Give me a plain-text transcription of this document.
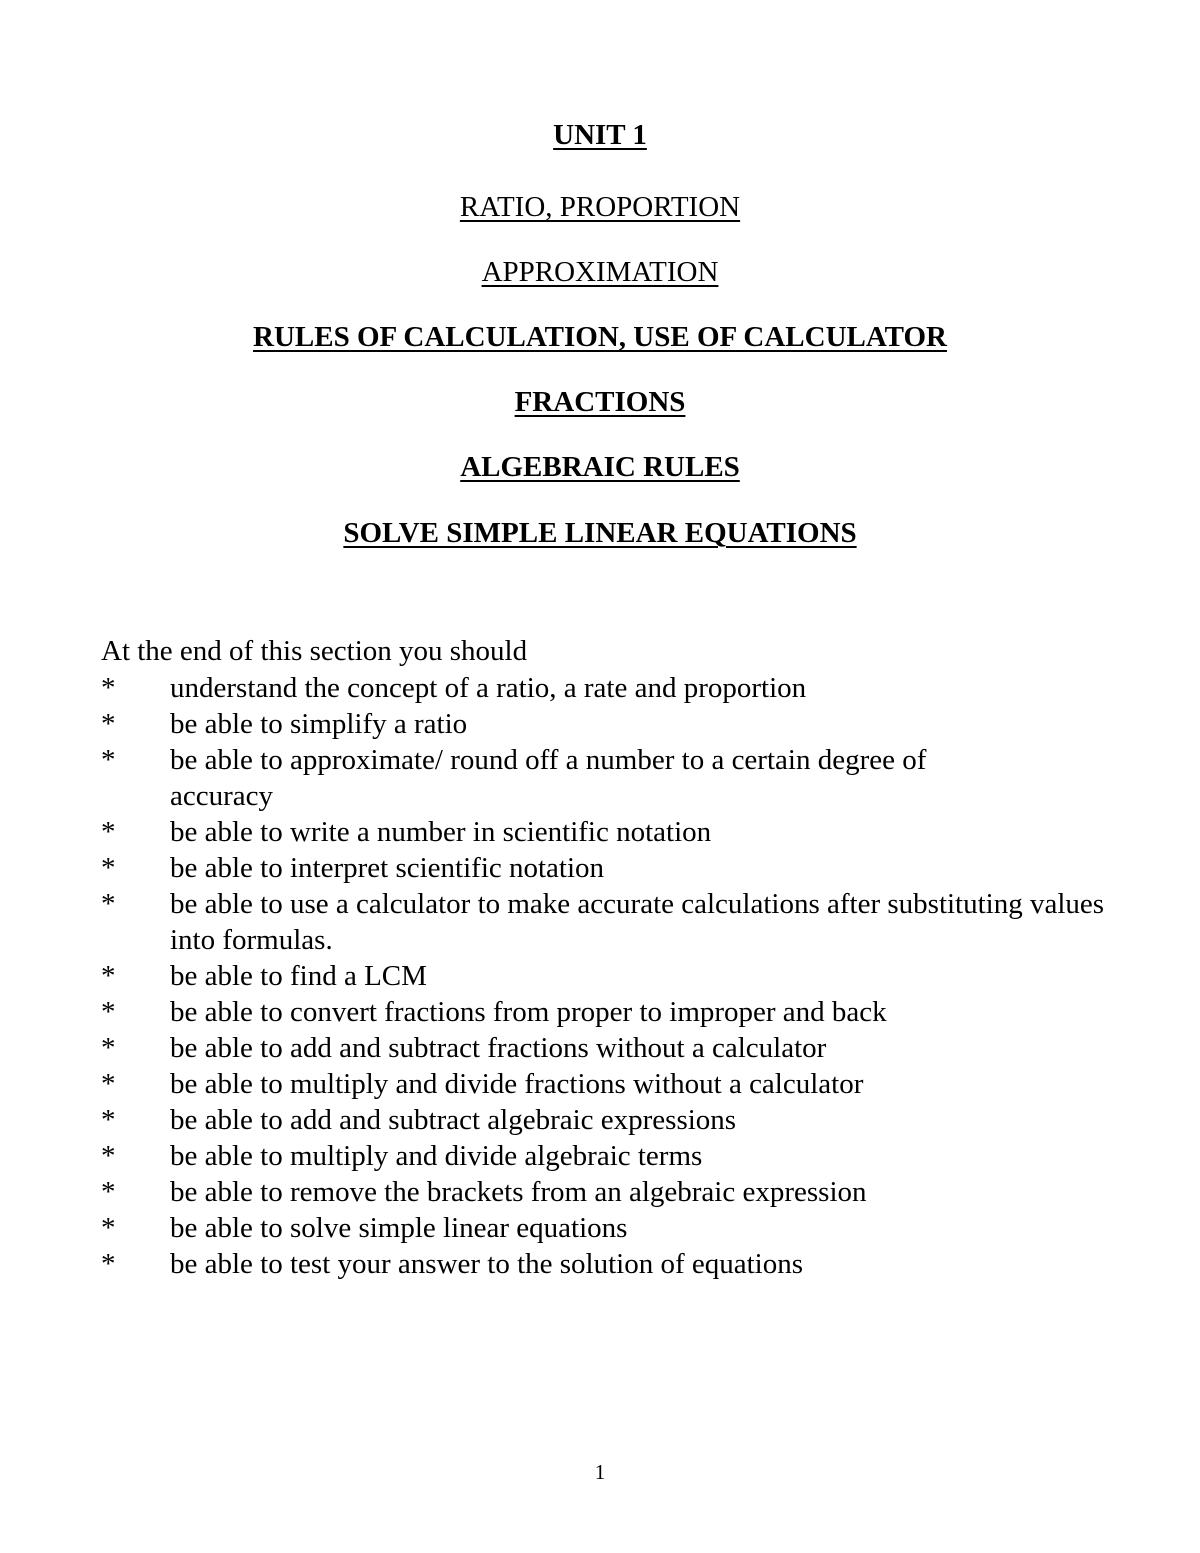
UNIT 1
RATIO, PROPORTION
APPROXIMATION
RULES OF CALCULATION, USE OF CALCULATOR
FRACTIONS
ALGEBRAIC RULES
SOLVE SIMPLE LINEAR EQUATIONS
At the end of this section you should
* understand the concept of a ratio, a rate and proportion
* be able to simplify a ratio
* be able to approximate/ round off a number to a certain degree of accuracy
* be able to write a number in scientific notation
* be able to interpret scientific notation
* be able to use a calculator to make accurate calculations after substituting values into formulas.
* be able to find a LCM
* be able to convert fractions from proper to improper and back
* be able to add and subtract fractions without a calculator
* be able to multiply and divide fractions without a calculator
* be able to add and subtract algebraic expressions
* be able to multiply and divide algebraic terms
* be able to remove the brackets from an algebraic expression
* be able to solve simple linear equations
* be able to test your answer to the solution of equations
1
